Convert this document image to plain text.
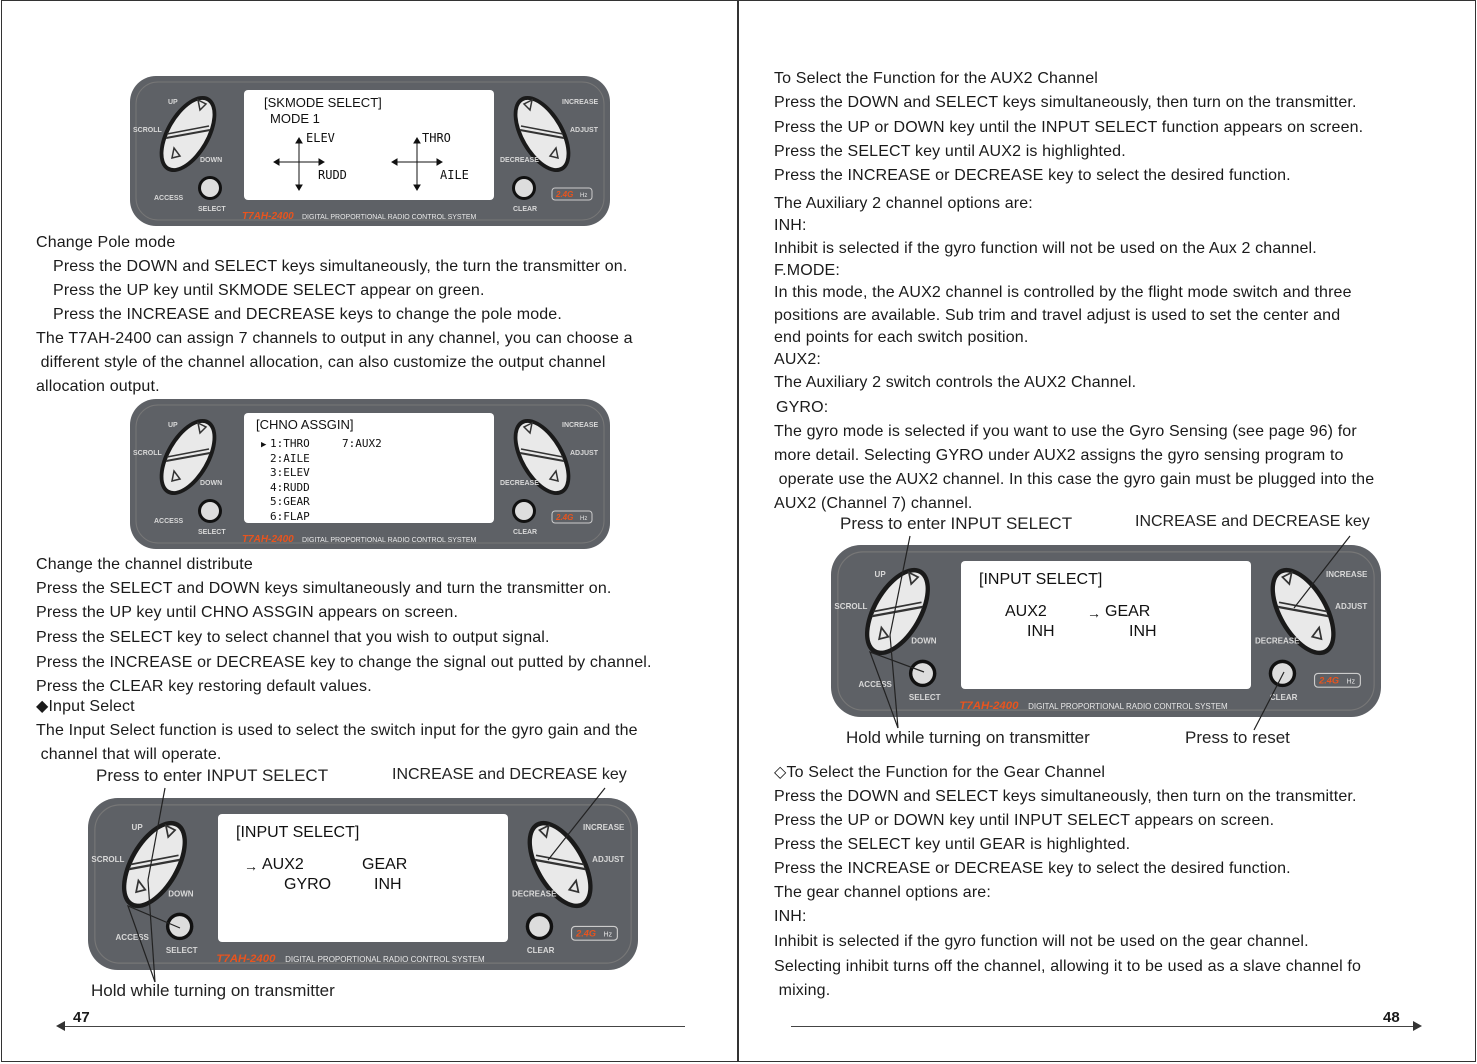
UP
SCROLL
DOWN
ACCESS
SELECT
INCREASE
ADJUST
DECREASE
CLEAR
2.4G Hz
T7AH-2400 DIGITAL PROPORTIONAL RADIO CONTROL SYSTEM
[SKMODE SELECT]
MODE 1
ELEV	THRO
RUDD	AILE
Change Pole mode
Press the DOWN and SELECT keys simultaneously, the turn the transmitter on.
Press the UP key until SKMODE SELECT appear on green.
Press the INCREASE and DECREASE keys to change the pole mode.
The T7AH-2400 can assign 7 channels to output in any channel, you can choose a
different style of the channel allocation, can also customize the output channel
allocation output.
UP
SCROLL
DOWN
ACCESS
SELECT
INCREASE
ADJUST
DECREASE
CLEAR
2.4G Hz
T7AH-2400 DIGITAL PROPORTIONAL RADIO CONTROL SYSTEM
[CHNO ASSGIN]
1:THRO
2:AILE
3:ELEV
4:RUDD
5:GEAR
6:FLAP
▶	7:AUX2
Change the channel distribute
Press the SELECT and DOWN keys simultaneously and turn the transmitter on.
Press the UP key until CHNO ASSGIN appears on screen.
Press the SELECT key to select channel that you wish to output signal.
Press the INCREASE or DECREASE key to change the signal out putted by channel.
Press the CLEAR key restoring default values.
◆Input Select
The Input Select function is used to select the switch input for the gyro gain and the
channel that will operate.
Press to enter INPUT SELECT	INCREASE and DECREASE key
UP
SCROLL
DOWN
ACCESS
SELECT
INCREASE
ADJUST
DECREASE
CLEAR
2.4G Hz
T7AH-2400 DIGITAL PROPORTIONAL RADIO CONTROL SYSTEM
[INPUT SELECT]
→ AUX2	GEAR
GYRO	INH
Hold while turning on transmitter
47
To Select the Function for the AUX2 Channel
Press the DOWN and SELECT keys simultaneously, then turn on the transmitter.
Press the UP or DOWN key until the INPUT SELECT function appears on screen.
Press the SELECT key until AUX2 is highlighted.
Press the INCREASE or DECREASE key to select the desired function.
The Auxiliary 2 channel options are:
INH:
Inhibit is selected if the gyro function will not be used on the Aux 2 channel.
F.MODE:
In this mode, the AUX2 channel is controlled by the flight mode switch and three
positions are available. Sub trim and travel adjust is used to set the center and
end points for each switch position.
AUX2:
The Auxiliary 2 switch controls the AUX2 Channel.
GYRO:
The gyro mode is selected if you want to use the Gyro Sensing (see page 96) for
more detail. Selecting GYRO under AUX2 assigns the gyro sensing program to
operate use the AUX2 channel. In this case the gyro gain must be plugged into the
AUX2 (Channel 7) channel.
Press to enter INPUT SELECT	INCREASE and DECREASE key
UP
SCROLL
DOWN
ACCESS
SELECT
INCREASE
ADJUST
DECREASE
CLEAR
2.4G Hz
T7AH-2400 DIGITAL PROPORTIONAL RADIO CONTROL SYSTEM
[INPUT SELECT]
AUX2	→ GEAR
INH	INH
Hold while turning on transmitter	Press to reset
◇To Select the Function for the Gear Channel
Press the DOWN and SELECT keys simultaneously, then turn on the transmitter.
Press the UP or DOWN key until INPUT SELECT appears on screen.
Press the SELECT key until GEAR is highlighted.
Press the INCREASE or DECREASE key to select the desired function.
The gear channel options are:
INH:
Inhibit is selected if the gyro function will not be used on the gear channel.
Selecting inhibit turns off the channel, allowing it to be used as a slave channel fo
mixing.
48
